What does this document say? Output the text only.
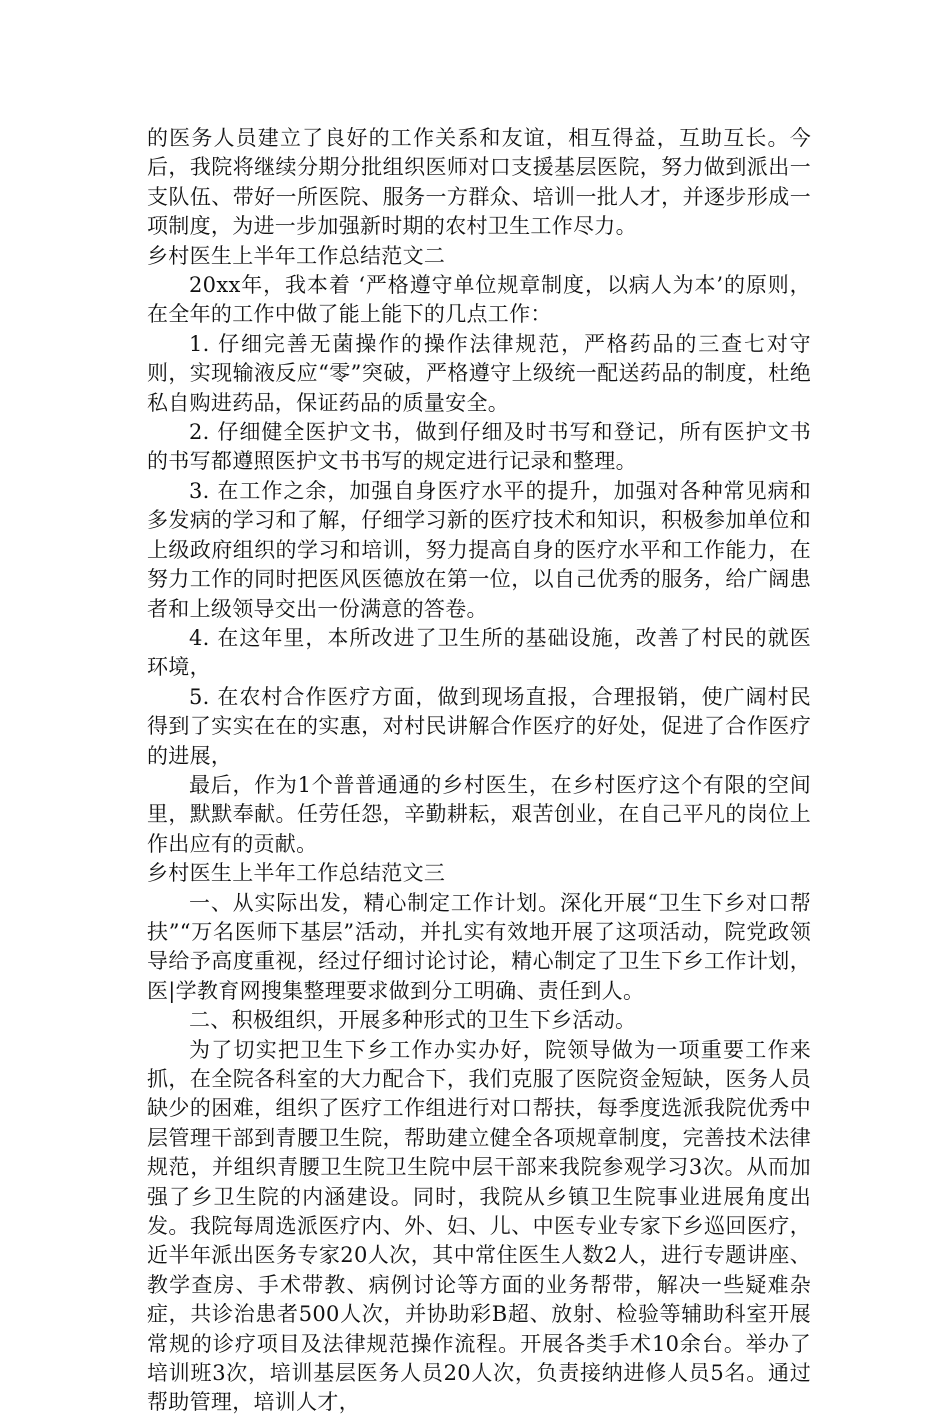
的医务人员建立了良好的工作关系和友谊，相互得益，互助互长。今后，我院将继续分期分批组织医师对口支援基层医院，努力做到派出一支队伍、带好一所医院、服务一方群众、培训一批人才，并逐步形成一项制度，为进一步加强新时期的农村卫生工作尽力。

乡村医生上半年工作总结范文二

20xx年，我本着 ‘严格遵守单位规章制度，以病人为本’的原则，在全年的工作中做了能上能下的几点工作：

1. 仔细完善无菌操作的操作法律规范，严格药品的三查七对守则，实现输液反应“零”突破，严格遵守上级统一配送药品的制度，杜绝私自购进药品，保证药品的质量安全。

2. 仔细健全医护文书，做到仔细及时书写和登记，所有医护文书的书写都遵照医护文书书写的规定进行记录和整理。

3. 在工作之余，加强自身医疗水平的提升，加强对各种常见病和多发病的学习和了解，仔细学习新的医疗技术和知识，积极参加单位和上级政府组织的学习和培训，努力提高自身的医疗水平和工作能力，在努力工作的同时把医风医德放在第一位，以自己优秀的服务，给广阔患者和上级领导交出一份满意的答卷。

4. 在这年里，本所改进了卫生所的基础设施，改善了村民的就医环境，

5. 在农村合作医疗方面，做到现场直报，合理报销，使广阔村民得到了实实在在的实惠，对村民讲解合作医疗的好处，促进了合作医疗的进展，

最后，作为1个普普通通的乡村医生，在乡村医疗这个有限的空间里，默默奉献。任劳任怨，辛勤耕耘，艰苦创业，在自己平凡的岗位上作出应有的贡献。

乡村医生上半年工作总结范文三

一、从实际出发，精心制定工作计划。深化开展“卫生下乡对口帮扶”“万名医师下基层”活动，并扎实有效地开展了这项活动，院党政领导给予高度重视，经过仔细讨论讨论，精心制定了卫生下乡工作计划，医|学教育网搜集整理要求做到分工明确、责任到人。

二、积极组织，开展多种形式的卫生下乡活动。

为了切实把卫生下乡工作办实办好，院领导做为一项重要工作来抓，在全院各科室的大力配合下，我们克服了医院资金短缺，医务人员缺少的困难，组织了医疗工作组进行对口帮扶，每季度选派我院优秀中层管理干部到青腰卫生院，帮助建立健全各项规章制度，完善技术法律规范，并组织青腰卫生院卫生院中层干部来我院参观学习3次。从而加强了乡卫生院的内涵建设。同时，我院从乡镇卫生院事业进展角度出发。我院每周选派医疗内、外、妇、儿、中医专业专家下乡巡回医疗，近半年派出医务专家20人次，其中常住医生人数2人，进行专题讲座、教学查房、手术带教、病例讨论等方面的业务帮带，解决一些疑难杂症，共诊治患者500人次，并协助彩B超、放射、检验等辅助科室开展常规的诊疗项目及法律规范操作流程。开展各类手术10余台。举办了培训班3次，培训基层医务人员20人次，负责接纳进修人员5名。通过帮助管理，培训人才，
